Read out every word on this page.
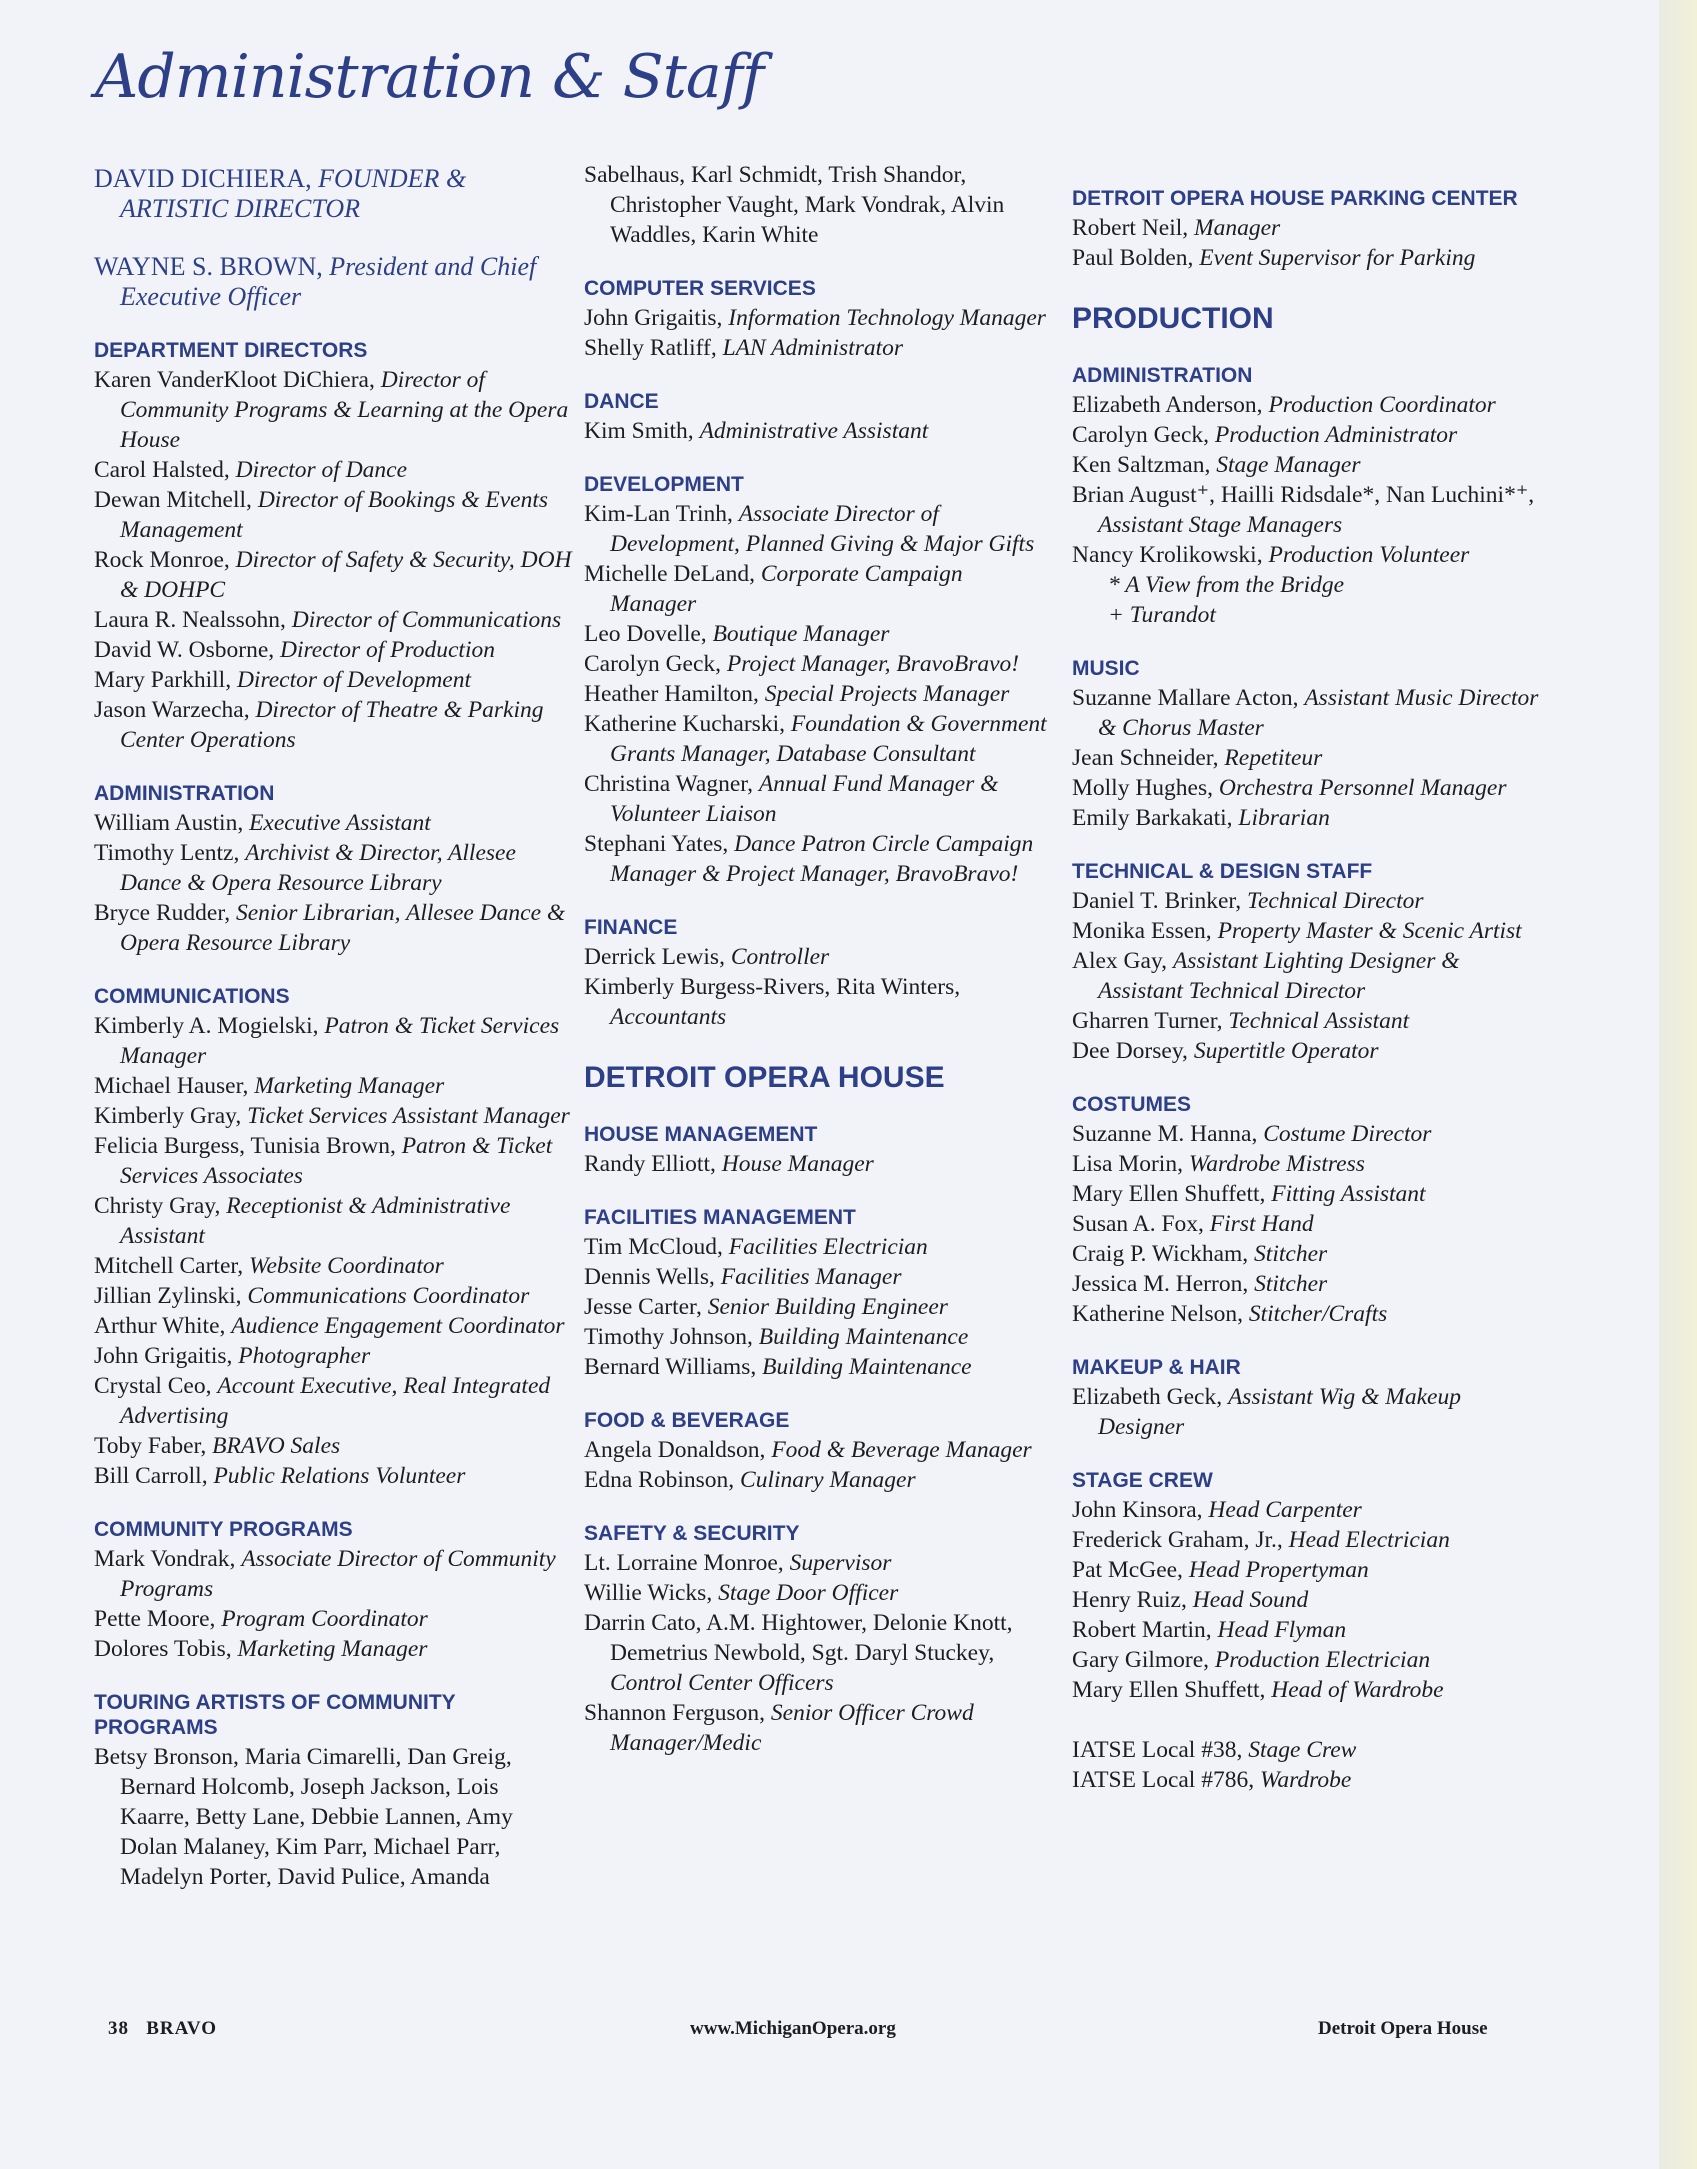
Administration & Staff
DAVID DICHIERA, FOUNDER & ARTISTIC DIRECTOR
WAYNE S. BROWN, President and Chief Executive Officer
DEPARTMENT DIRECTORS
Karen VanderKloot DiChiera, Director of Community Programs & Learning at the Opera House
Carol Halsted, Director of Dance
Dewan Mitchell, Director of Bookings & Events Management
Rock Monroe, Director of Safety & Security, DOH & DOHPC
Laura R. Nealssohn, Director of Communications
David W. Osborne, Director of Production
Mary Parkhill, Director of Development
Jason Warzecha, Director of Theatre & Parking Center Operations
ADMINISTRATION
William Austin, Executive Assistant
Timothy Lentz, Archivist & Director, Allesee Dance & Opera Resource Library
Bryce Rudder, Senior Librarian, Allesee Dance & Opera Resource Library
COMMUNICATIONS
Kimberly A. Mogielski, Patron & Ticket Services Manager
Michael Hauser, Marketing Manager
Kimberly Gray, Ticket Services Assistant Manager
Felicia Burgess, Tunisia Brown, Patron & Ticket Services Associates
Christy Gray, Receptionist & Administrative Assistant
Mitchell Carter, Website Coordinator
Jillian Zylinski, Communications Coordinator
Arthur White, Audience Engagement Coordinator
John Grigaitis, Photographer
Crystal Ceo, Account Executive, Real Integrated Advertising
Toby Faber, BRAVO Sales
Bill Carroll, Public Relations Volunteer
COMMUNITY PROGRAMS
Mark Vondrak, Associate Director of Community Programs
Pette Moore, Program Coordinator
Dolores Tobis, Marketing Manager
TOURING ARTISTS OF COMMUNITY PROGRAMS
Betsy Bronson, Maria Cimarelli, Dan Greig, Bernard Holcomb, Joseph Jackson, Lois Kaarre, Betty Lane, Debbie Lannen, Amy Dolan Malaney, Kim Parr, Michael Parr, Madelyn Porter, David Pulice, Amanda
Sabelhaus, Karl Schmidt, Trish Shandor, Christopher Vaught, Mark Vondrak, Alvin Waddles, Karin White
COMPUTER SERVICES
John Grigaitis, Information Technology Manager
Shelly Ratliff, LAN Administrator
DANCE
Kim Smith, Administrative Assistant
DEVELOPMENT
Kim-Lan Trinh, Associate Director of Development, Planned Giving & Major Gifts
Michelle DeLand, Corporate Campaign Manager
Leo Dovelle, Boutique Manager
Carolyn Geck, Project Manager, BravoBravo!
Heather Hamilton, Special Projects Manager
Katherine Kucharski, Foundation & Government Grants Manager, Database Consultant
Christina Wagner, Annual Fund Manager & Volunteer Liaison
Stephani Yates, Dance Patron Circle Campaign Manager & Project Manager, BravoBravo!
FINANCE
Derrick Lewis, Controller
Kimberly Burgess-Rivers, Rita Winters, Accountants
DETROIT OPERA HOUSE
HOUSE MANAGEMENT
Randy Elliott, House Manager
FACILITIES MANAGEMENT
Tim McCloud, Facilities Electrician
Dennis Wells, Facilities Manager
Jesse Carter, Senior Building Engineer
Timothy Johnson, Building Maintenance
Bernard Williams, Building Maintenance
FOOD & BEVERAGE
Angela Donaldson, Food & Beverage Manager
Edna Robinson, Culinary Manager
SAFETY & SECURITY
Lt. Lorraine Monroe, Supervisor
Willie Wicks, Stage Door Officer
Darrin Cato, A.M. Hightower, Delonie Knott, Demetrius Newbold, Sgt. Daryl Stuckey, Control Center Officers
Shannon Ferguson, Senior Officer Crowd Manager/Medic
DETROIT OPERA HOUSE PARKING CENTER
Robert Neil, Manager
Paul Bolden, Event Supervisor for Parking
PRODUCTION
ADMINISTRATION
Elizabeth Anderson, Production Coordinator
Carolyn Geck, Production Administrator
Ken Saltzman, Stage Manager
Brian August⁺, Hailli Ridsdale*, Nan Luchini*⁺, Assistant Stage Managers
Nancy Krolikowski, Production Volunteer
* A View from the Bridge
+ Turandot
MUSIC
Suzanne Mallare Acton, Assistant Music Director & Chorus Master
Jean Schneider, Repetiteur
Molly Hughes, Orchestra Personnel Manager
Emily Barkakati, Librarian
TECHNICAL & DESIGN STAFF
Daniel T. Brinker, Technical Director
Monika Essen, Property Master & Scenic Artist
Alex Gay, Assistant Lighting Designer & Assistant Technical Director
Gharren Turner, Technical Assistant
Dee Dorsey, Supertitle Operator
COSTUMES
Suzanne M. Hanna, Costume Director
Lisa Morin, Wardrobe Mistress
Mary Ellen Shuffett, Fitting Assistant
Susan A. Fox, First Hand
Craig P. Wickham, Stitcher
Jessica M. Herron, Stitcher
Katherine Nelson, Stitcher/Crafts
MAKEUP & HAIR
Elizabeth Geck, Assistant Wig & Makeup Designer
STAGE CREW
John Kinsora, Head Carpenter
Frederick Graham, Jr., Head Electrician
Pat McGee, Head Propertyman
Henry Ruiz, Head Sound
Robert Martin, Head Flyman
Gary Gilmore, Production Electrician
Mary Ellen Shuffett, Head of Wardrobe
IATSE Local #38, Stage Crew
IATSE Local #786, Wardrobe
38   BRAVO	www.MichiganOpera.org	Detroit Opera House
